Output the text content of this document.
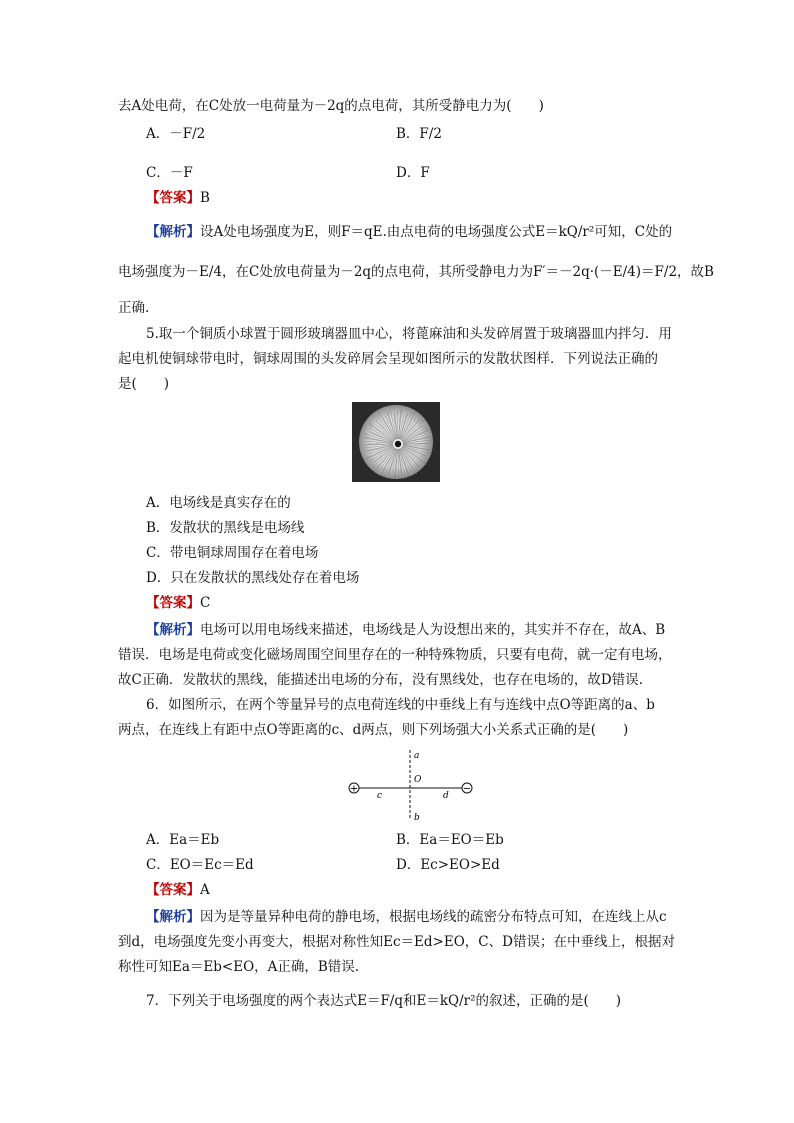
去A处电荷，在C处放一电荷量为－2q的点电荷，其所受静电力为(　　)
A．－F/2	B．F/2
C．－F	D．F
【答案】B
【解析】设A处电场强度为E，则F＝qE.由点电荷的电场强度公式E＝kQ/r²可知，C处的
电场强度为－E/4，在C处放电荷量为－2q的点电荷，其所受静电力为F′＝－2q·(－E/4)＝F/2，故B
正确.
5.取一个铜质小球置于圆形玻璃器皿中心，将蓖麻油和头发碎屑置于玻璃器皿内拌匀．用
起电机使铜球带电时，铜球周围的头发碎屑会呈现如图所示的发散状图样．下列说法正确的
是(　　)
A．电场线是真实存在的
B．发散状的黑线是电场线
C．带电铜球周围存在着电场
D．只在发散状的黑线处存在着电场
【答案】C
【解析】电场可以用电场线来描述，电场线是人为设想出来的，其实并不存在，故A、B
错误．电场是电荷或变化磁场周围空间里存在的一种特殊物质，只要有电荷，就一定有电场，
故C正确．发散状的黑线，能描述出电场的分布，没有黑线处，也存在电场的，故D错误.
6．如图所示，在两个等量异号的点电荷连线的中垂线上有与连线中点O等距离的a、b
两点，在连线上有距中点O等距离的c、d两点，则下列场强大小关系式正确的是(　　)
+	−
a
O
c	d
b
A．Ea＝Eb	B．Ea＝EO＝Eb
C．EO＝Ec＝Ed	D．Ec>EO>Ed
【答案】A
【解析】因为是等量异种电荷的静电场，根据电场线的疏密分布特点可知，在连线上从c
到d，电场强度先变小再变大，根据对称性知Ec＝Ed>EO，C、D错误；在中垂线上，根据对
称性可知Ea＝Eb<EO，A正确，B错误.
7．下列关于电场强度的两个表达式E＝F/q和E＝kQ/r²的叙述，正确的是(　　)
